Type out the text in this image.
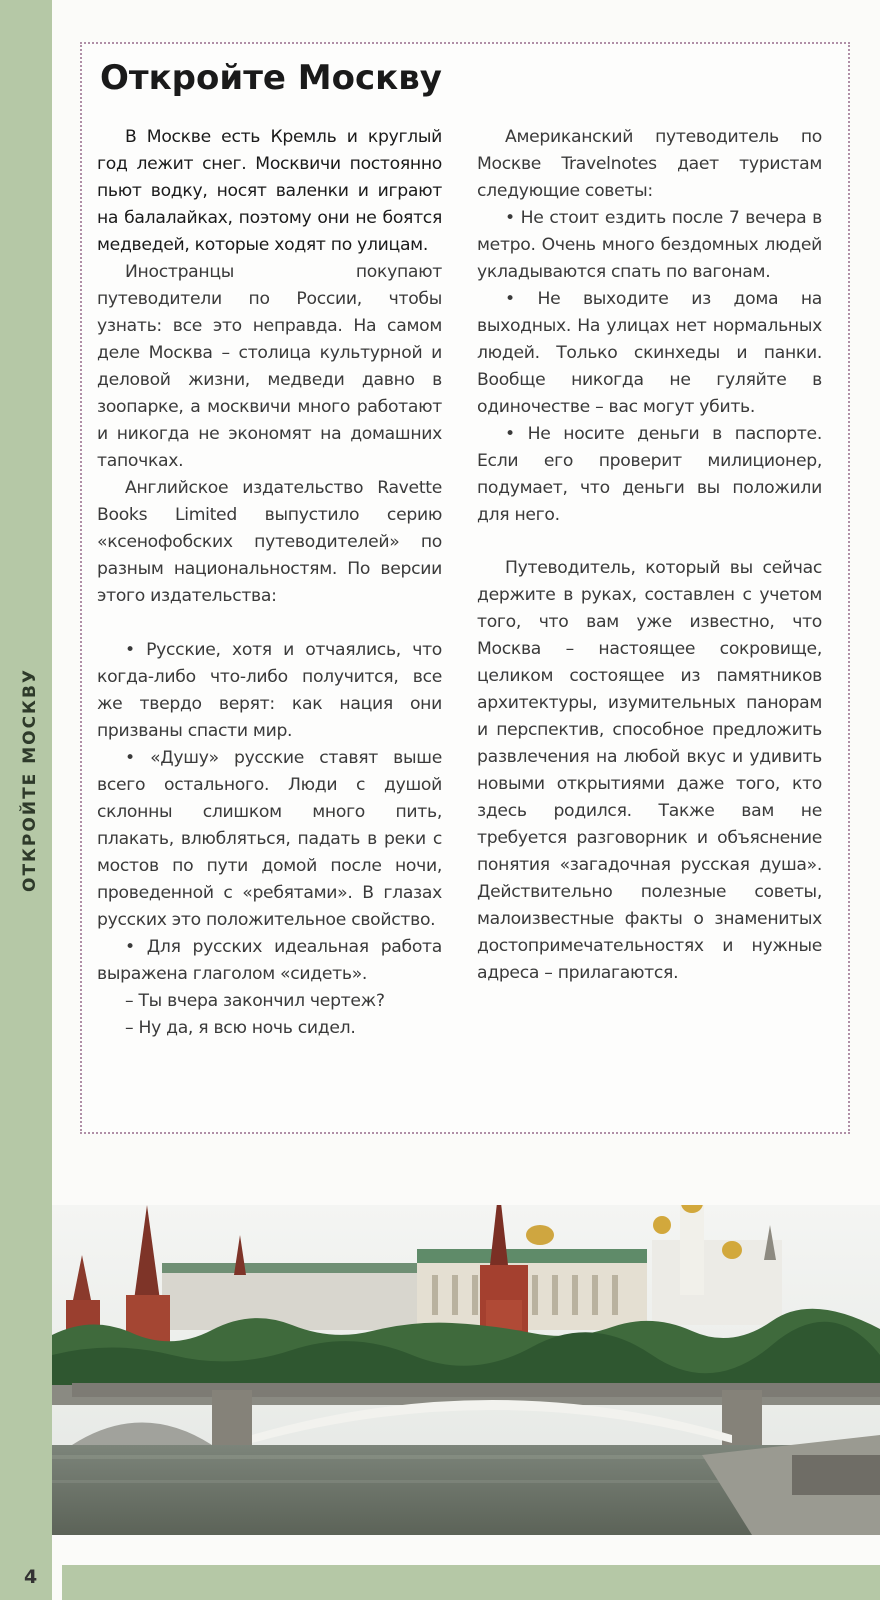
ОТКРОЙТЕ МОСКВУ
Откройте Москву

В Москве есть Кремль и круглый год лежит снег. Москвичи постоянно пьют водку, носят валенки и играют на балалайках, поэтому они не боятся медведей, которые ходят по улицам.

Иностранцы покупают путеводители по России, чтобы узнать: все это неправда. На самом деле Москва – столица культурной и деловой жизни, медведи давно в зоопарке, а москвичи много работают и никогда не экономят на домашних тапочках.

Английское издательство Ravette Books Limited выпустило серию «ксенофобских путеводителей» по разным национальностям. По версии этого издательства:

• Русские, хотя и отчаялись, что когда-либо что-либо получится, все же твердо верят: как нация они призваны спасти мир.

• «Душу» русские ставят выше всего остального. Люди с душой склонны слишком много пить, плакать, влюбляться, падать в реки с мостов по пути домой после ночи, проведенной с «ребятами». В глазах русских это положительное свойство.

• Для русских идеальная работа выражена глаголом «сидеть».

– Ты вчера закончил чертеж?

– Ну да, я всю ночь сидел.

Американский путеводитель по Москве Travelnotes дает туристам следующие советы:

• Не стоит ездить после 7 вечера в метро. Очень много бездомных людей укладываются спать по вагонам.

• Не выходите из дома на выходных. На улицах нет нормальных людей. Только скинхеды и панки. Вообще никогда не гуляйте в одиночестве – вас могут убить.

• Не носите деньги в паспорте. Если его проверит милиционер, подумает, что деньги вы положили для него.

Путеводитель, который вы сейчас держите в руках, составлен с учетом того, что вам уже известно, что Москва – настоящее сокровище, целиком состоящее из памятников архитектуры, изумительных панорам и перспектив, способное предложить развлечения на любой вкус и удивить новыми открытиями даже того, кто здесь родился. Также вам не требуется разговорник и объяснение понятия «загадочная русская душа». Действительно полезные советы, малоизвестные факты о знаменитых достопримечательностях и нужные адреса – прилагаются.

4
